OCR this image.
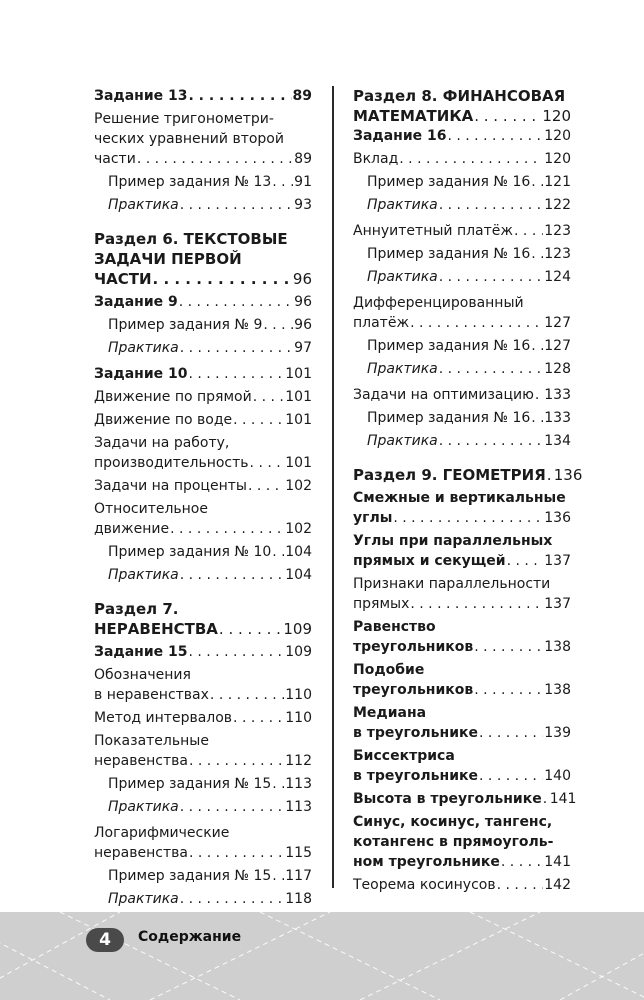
Задание 13 . . .	89
Решение тригонометри-
ческих уравнений второй
части . . .	89
Пример задания № 13 . . . 91
Практика . . .	93
Раздел 6. ТЕКСТОВЫЕ
ЗАДАЧИ ПЕРВОЙ
ЧАСТИ . . .	96
Задание 9 . . .	96
Пример задания № 9 . . . 96
Практика . . .	97
Задание 10 . . .	101
Движение по прямой . . . 101
Движение по воде . . .	101
Задачи на работу,
производительность . . .	101
Задачи на проценты . . .	102
Относительное
движение . . .	102
Пример задания № 10 . . . 104
Практика . . .	104
Раздел 7.
НЕРАВЕНСТВА . . .	109
Задание 15 . . .	109
Обозначения
в неравенствах . . .	110
Метод интервалов . . .	110
Показательные
неравенства . . .	112
Пример задания № 15 . . . 113
Практика . . .	113
Логарифмические
неравенства . . .	115
Пример задания № 15 . . . 117
Практика . . .	118
Раздел 8. ФИНАНСОВАЯ
МАТЕМАТИКА . . .	120
Задание 16 . . .	120
Вклад . . .	120
Пример задания № 16 . . . 121
Практика . . .	122
Аннуитетный платёж . . . 123
Пример задания № 16 . . . 123
Практика . . .	124
Дифференцированный
платёж . . .	127
Пример задания № 16 . . . 127
Практика . . .	128
Задачи на оптимизацию . . . 133
Пример задания № 16 . . . 133
Практика . . .	134
Раздел 9. ГЕОМЕТРИЯ . . . 136
Смежные и вертикальные
углы . . .	136
Углы при параллельных
прямых и секущей . . .	137
Признаки параллельности
прямых . . .	137
Равенство
треугольников . . .	138
Подобие
треугольников . . .	138
Медиана
в треугольнике . . .	139
Биссектриса
в треугольнике . . .	140
Высота в треугольнике . . . 141
Синус, косинус, тангенс,
котангенс в прямоуголь-
ном треугольнике . . .	141
Теорема косинусов . . .	142
4	Содержание
